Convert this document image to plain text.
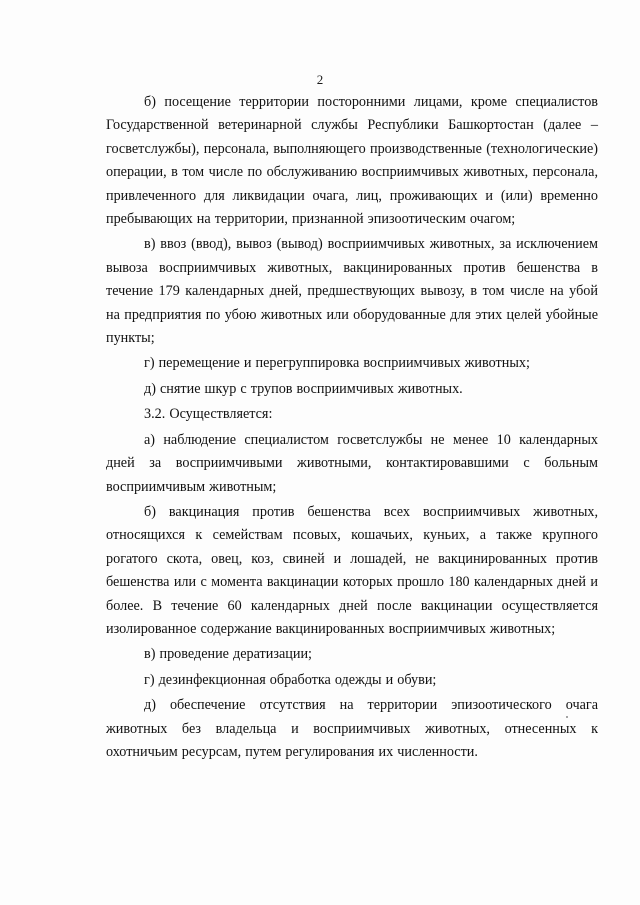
2

б) посещение территории посторонними лицами, кроме специалистов Государственной ветеринарной службы Республики Башкортостан (далее – госветслужбы), персонала, выполняющего производственные (технологические) операции, в том числе по обслуживанию восприимчивых животных, персонала, привлеченного для ликвидации очага, лиц, проживающих и (или) временно пребывающих на территории, признанной эпизоотическим очагом;

в) ввоз (ввод), вывоз (вывод) восприимчивых животных, за исключением вывоза восприимчивых животных, вакцинированных против бешенства в течение 179 календарных дней, предшествующих вывозу, в том числе на убой на предприятия по убою животных или оборудованные для этих целей убойные пункты;

г) перемещение и перегруппировка восприимчивых животных;

д) снятие шкур с трупов восприимчивых животных.

3.2. Осуществляется:

а) наблюдение специалистом госветслужбы не менее 10 календарных дней за восприимчивыми животными, контактировавшими с больным восприимчивым животным;

б) вакцинация против бешенства всех восприимчивых животных, относящихся к семействам псовых, кошачьих, куньих, а также крупного рогатого скота, овец, коз, свиней и лошадей, не вакцинированных против бешенства или с момента вакцинации которых прошло 180 календарных дней и более. В течение 60 календарных дней после вакцинации осуществляется изолированное содержание вакцинированных восприимчивых животных;

в) проведение дератизации;

г) дезинфекционная обработка одежды и обуви;

д) обеспечение отсутствия на территории эпизоотического очага животных без владельца и восприимчивых животных, отнесенных к охотничьим ресурсам, путем регулирования их численности.
